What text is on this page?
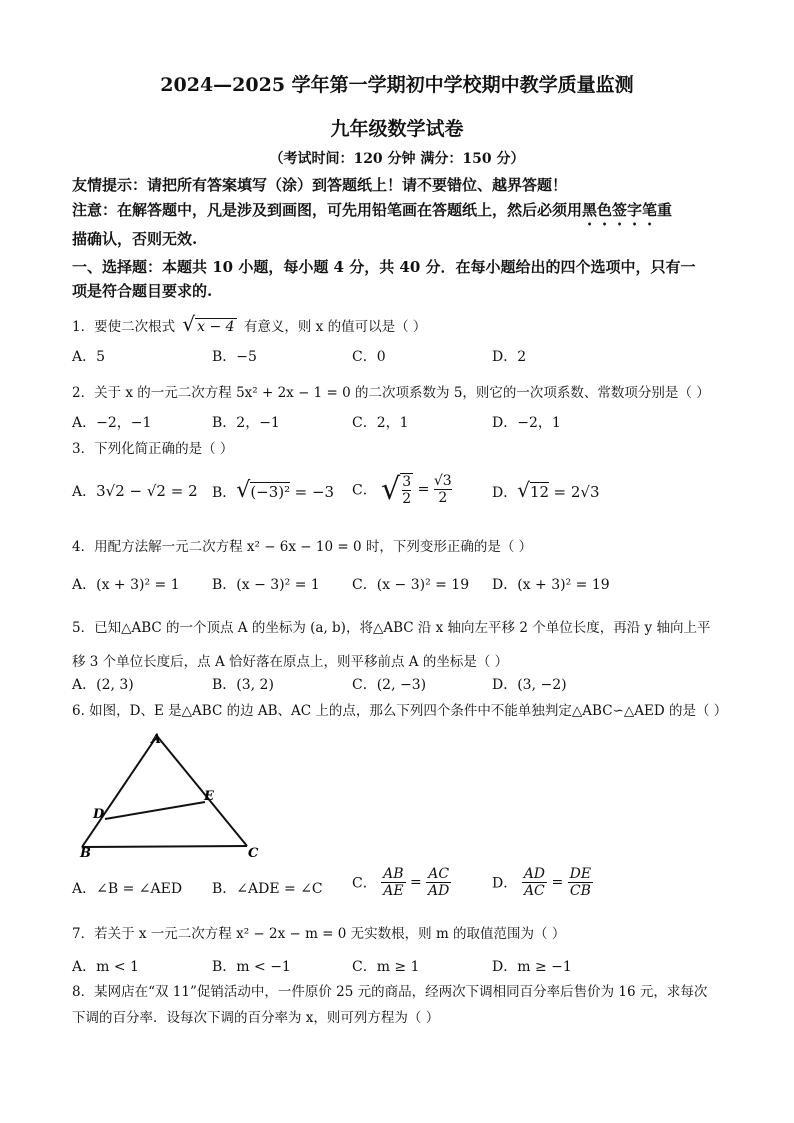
2024—2025 学年第一学期初中学校期中教学质量监测
九年级数学试卷
（考试时间：120 分钟 满分：150 分）
友情提示：请把所有答案填写（涂）到答题纸上！请不要错位、越界答题！
注意：在解答题中，凡是涉及到画图，可先用铅笔画在答题纸上，然后必须用黑色签字笔重
描确认，否则无效.
一、选择题：本题共 10 小题，每小题 4 分，共 40 分．在每小题给出的四个选项中，只有一
项是符合题目要求的.
1．要使二次根式 √ x − 4 有意义，则 x 的值可以是（ ）
A．5	B．−5	C．0	D．2
2．关于 x 的一元二次方程 5x² + 2x − 1 = 0 的二次项系数为 5，则它的一次项系数、常数项分别是（ ）
A．−2，−1	B．2，−1	C．2，1	D．−2，1
3．下列化简正确的是（ ）
A．3√2 − √2 = 2 B．√(−3)² = −3 C． √ $\frac{3}{2} = \frac{√3}{2}$	D．√12 = 2√3
4．用配方法解一元二次方程 x² − 6x − 10 = 0 时，下列变形正确的是（ ）
A．(x + 3)² = 1 B．(x − 3)² = 1 C．(x − 3)² = 19 D．(x + 3)² = 19
5．已知△ABC 的一个顶点 A 的坐标为 (a, b)，将△ABC 沿 x 轴向左平移 2 个单位长度，再沿 y 轴向上平
移 3 个单位长度后，点 A 恰好落在原点上，则平移前点 A 的坐标是（ ）
A．(2, 3)	B．(3, 2)	C．(2, −3)	D．(3, −2)
6. 如图，D、E 是△ABC 的边 AB、AC 上的点，那么下列四个条件中不能单独判定△ABC∽△AED 的是（ ）
A
B	C
D
E
A．∠B = ∠AED B．∠ADE = ∠C C． $\frac{AB}{AE} = \frac{AC}{AD}$	D． $\frac{AD}{AC} = \frac{DE}{CB}$
7．若关于 x 一元二次方程 x² − 2x − m = 0 无实数根，则 m 的取值范围为（ ）
A．m < 1	B．m < −1	C．m ≥ 1	D．m ≥ −1
8．某网店在“双 11”促销活动中，一件原价 25 元的商品，经两次下调相同百分率后售价为 16 元，求每次
下调的百分率．设每次下调的百分率为 x，则可列方程为（ ）
